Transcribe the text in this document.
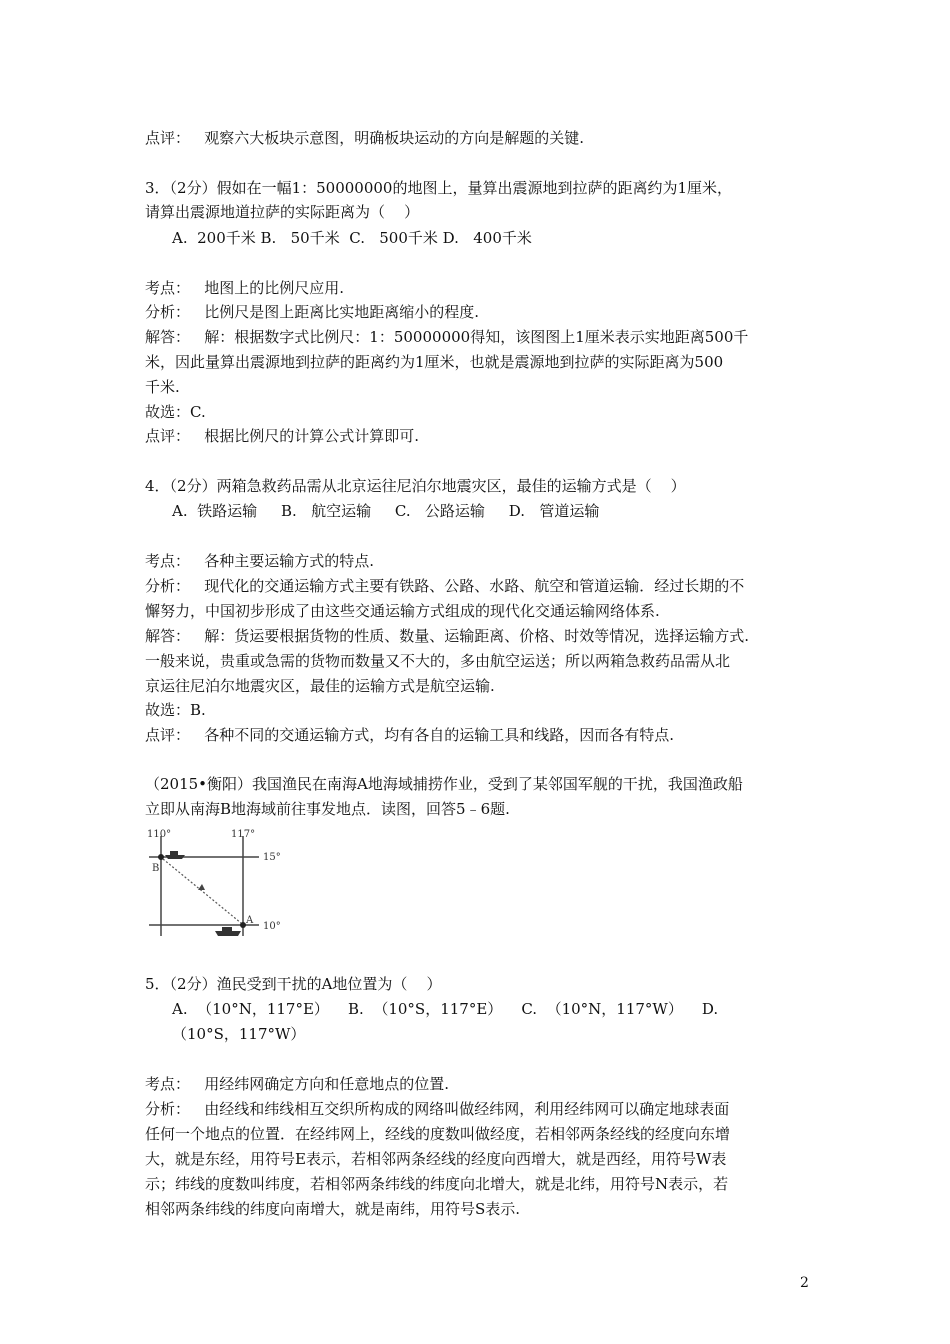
点评：   观察六大板块示意图，明确板块运动的方向是解题的关键.
3．（2分）假如在一幅1：50000000的地图上，量算出震源地到拉萨的距离约为1厘米，
请算出震源地道拉萨的实际距离为（    ）
A.  200千米 B.   50千米  C.   500千米 D.   400千米
考点：   地图上的比例尺应用.
分析：   比例尺是图上距离比实地距离缩小的程度.
解答：   解：根据数字式比例尺：1：50000000得知，该图图上1厘米表示实地距离500千
米，因此量算出震源地到拉萨的距离约为1厘米，也就是震源地到拉萨的实际距离为500
千米.
故选：C.
点评：   根据比例尺的计算公式计算即可.
4．（2分）两箱急救药品需从北京运往尼泊尔地震灾区，最佳的运输方式是（    ）
A.  铁路运输     B.   航空运输     C.   公路运输     D.   管道运输
考点：   各种主要运输方式的特点.
分析：   现代化的交通运输方式主要有铁路、公路、水路、航空和管道运输．经过长期的不
懈努力，中国初步形成了由这些交通运输方式组成的现代化交通运输网络体系.
解答：   解：货运要根据货物的性质、数量、运输距离、价格、时效等情况，选择运输方式.
一般来说，贵重或急需的货物而数量又不大的，多由航空运送；所以两箱急救药品需从北
京运往尼泊尔地震灾区，最佳的运输方式是航空运输.
故选：B.
点评：   各种不同的交通运输方式，均有各自的运输工具和线路，因而各有特点.
（2015•衡阳）我国渔民在南海A地海域捕捞作业，受到了某邻国军舰的干扰，我国渔政船
立即从南海B地海域前往事发地点．读图，回答5﹣6题.
110°	117°
15°
10°
B
A
5．（2分）渔民受到干扰的A地位置为（    ）
A.  （10°N，117°E）    B.  （10°S，117°E）    C.  （10°N，117°W）    D.
（10°S，117°W）
考点：   用经纬网确定方向和任意地点的位置.
分析：   由经线和纬线相互交织所构成的网络叫做经纬网，利用经纬网可以确定地球表面
任何一个地点的位置．在经纬网上，经线的度数叫做经度，若相邻两条经线的经度向东增
大，就是东经，用符号E表示，若相邻两条经线的经度向西增大，就是西经，用符号W表
示；纬线的度数叫纬度，若相邻两条纬线的纬度向北增大，就是北纬，用符号N表示，若
相邻两条纬线的纬度向南增大，就是南纬，用符号S表示.
2
